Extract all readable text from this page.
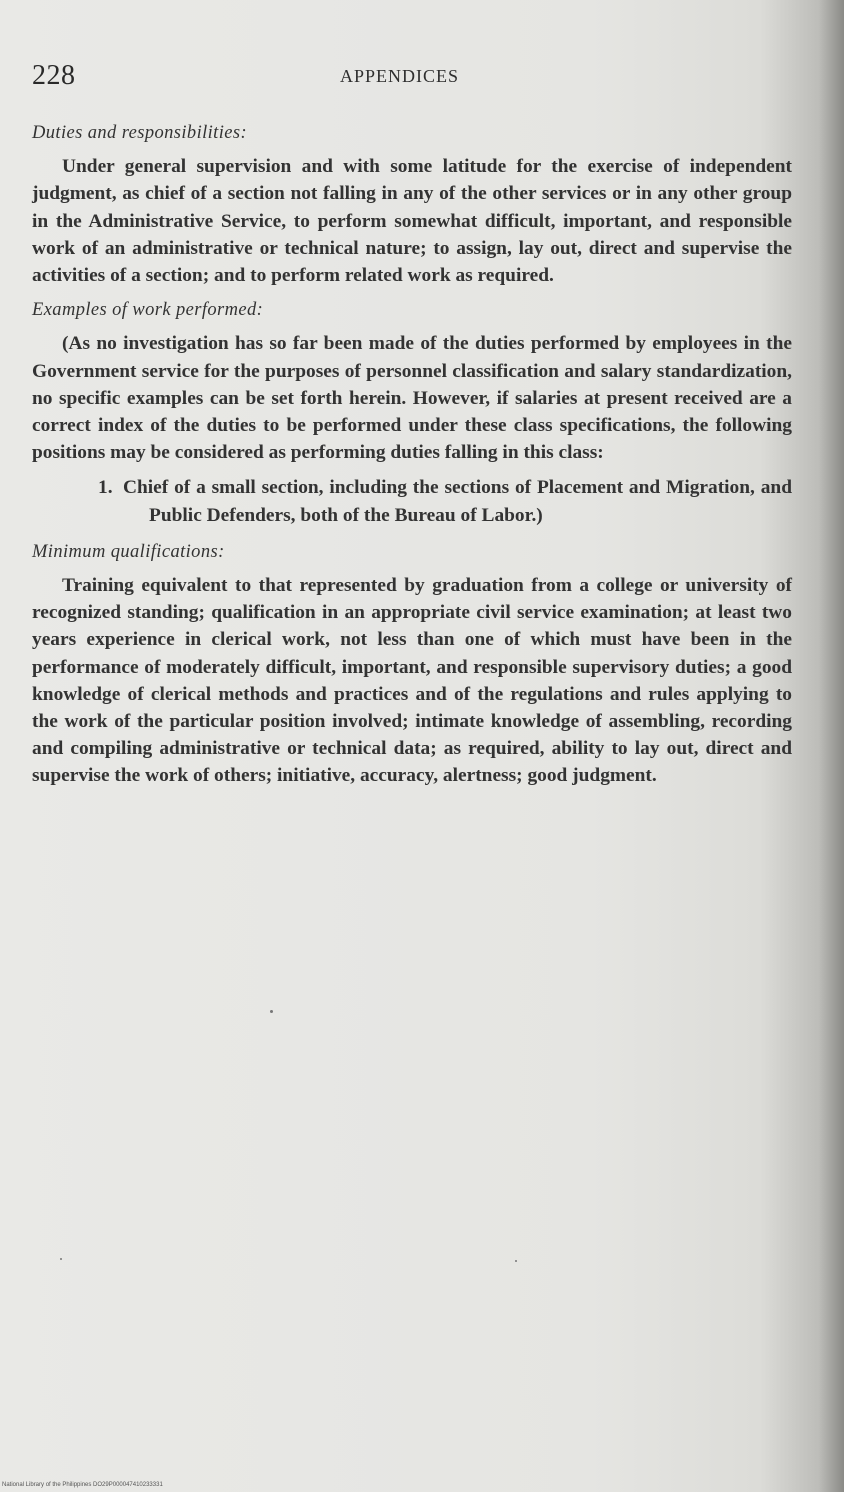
228	APPENDICES
Duties and responsibilities:

Under general supervision and with some latitude for the exercise of independent judgment, as chief of a section not falling in any of the other services or in any other group in the Administrative Service, to perform somewhat difficult, important, and responsible work of an administrative or technical nature; to assign, lay out, direct and supervise the activities of a section; and to perform related work as required.

Examples of work performed:

(As no investigation has so far been made of the duties performed by employees in the Government service for the purposes of personnel classification and salary standardization, no specific examples can be set forth herein. However, if salaries at present received are a correct index of the duties to be performed under these class specifications, the following positions may be considered as performing duties falling in this class:

1. Chief of a small section, including the sections of Placement and Migration, and Public Defenders, both of the Bureau of Labor.)

Minimum qualifications:

Training equivalent to that represented by graduation from a college or university of recognized standing; qualification in an appropriate civil service examination; at least two years experience in clerical work, not less than one of which must have been in the performance of moderately difficult, important, and responsible supervisory duties; a good knowledge of clerical methods and practices and of the regulations and rules applying to the work of the particular position involved; intimate knowledge of assembling, recording and compiling administrative or technical data; as required, ability to lay out, direct and supervise the work of others; initiative, accuracy, alertness; good judgment.

National Library of the Philippines DO29P000047410233331
